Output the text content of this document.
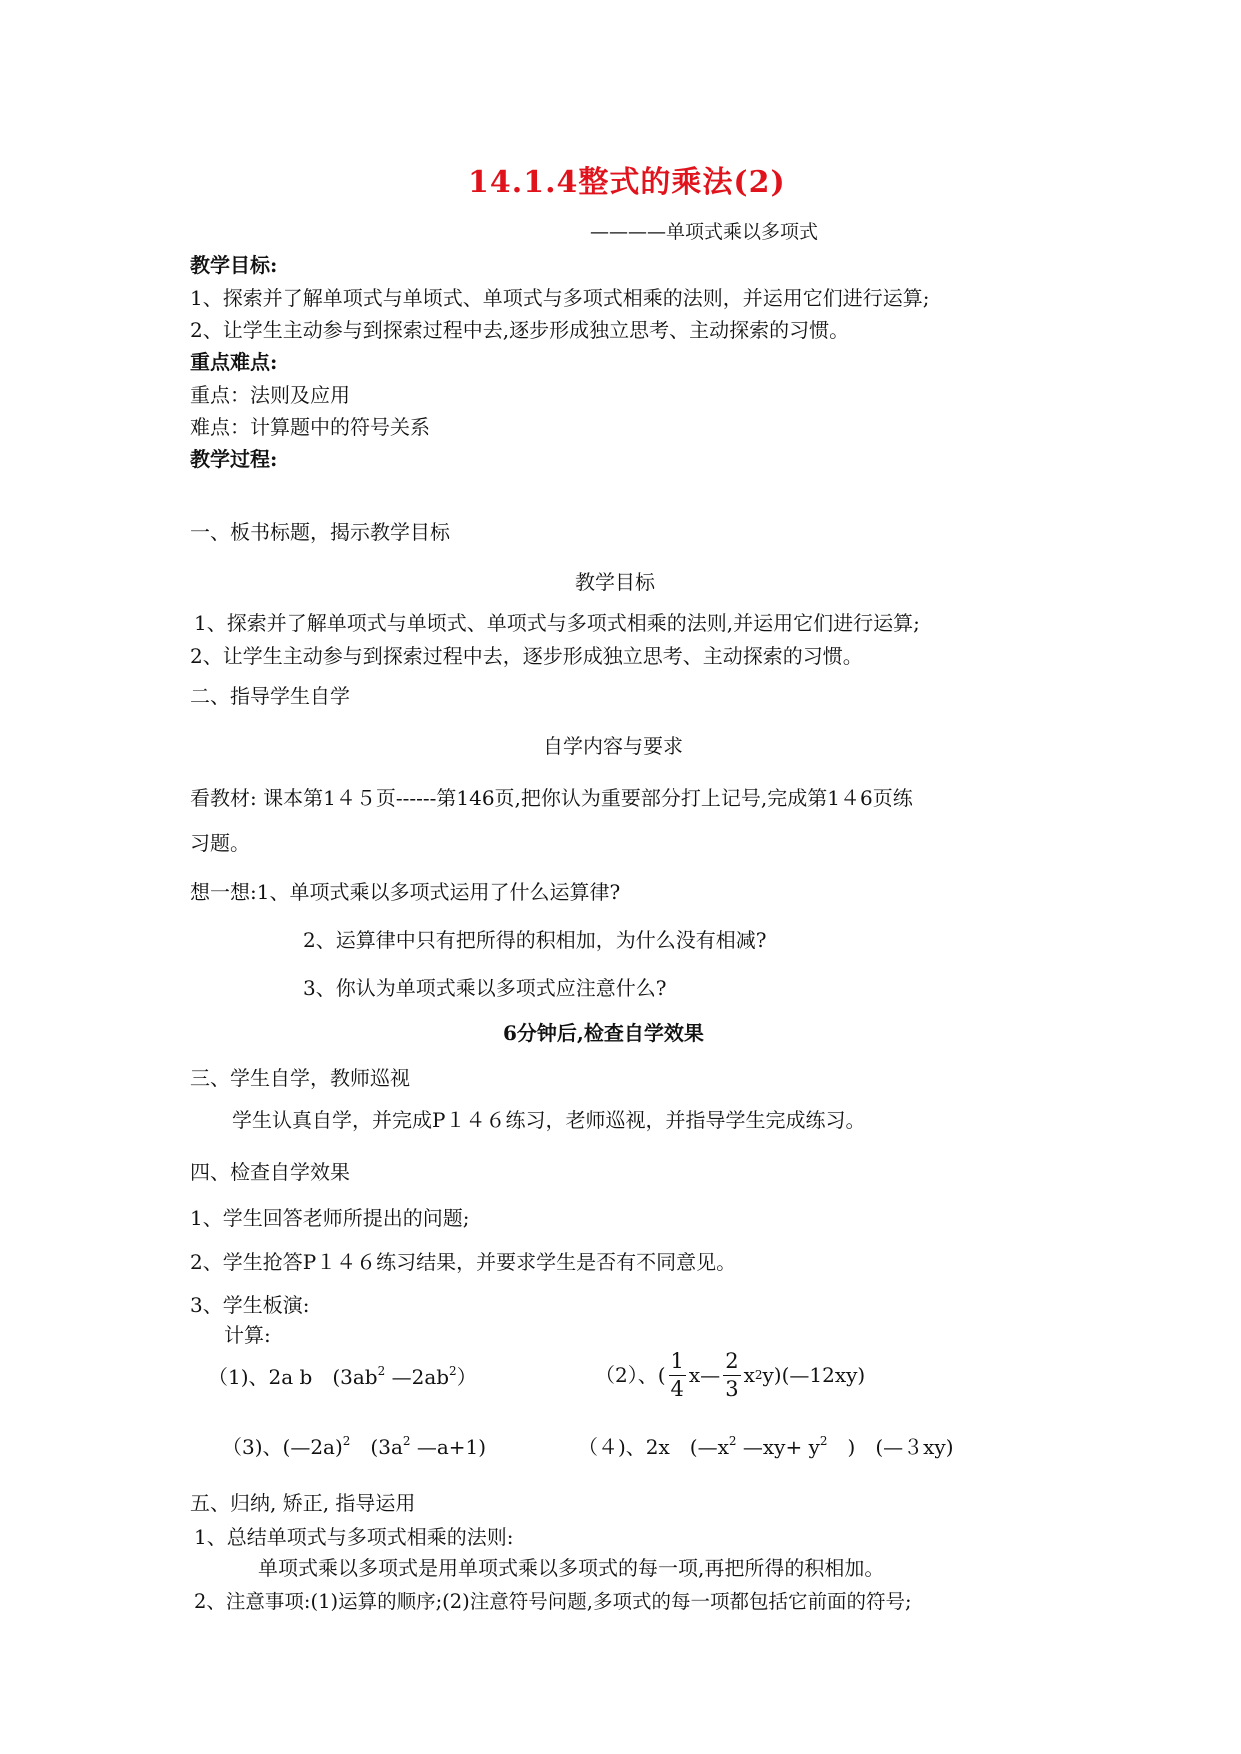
14.1.4整式的乘法(2)
————单项式乘以多项式
教学目标:
1、探索并了解单项式与单顷式、单项式与多项式相乘的法则，并运用它们进行运算;
2、让学生主动参与到探索过程中去,逐步形成独立思考、主动探索的习惯。
重点难点:
重点：法则及应用
难点：计算题中的符号关系
教学过程:
一、板书标题，揭示教学目标
教学目标
1、探索并了解单项式与单顷式、单项式与多项式相乘的法则,并运用它们进行运算;
2、让学生主动参与到探索过程中去，逐步形成独立思考、主动探索的习惯。
二、指导学生自学
自学内容与要求
看教材: 课本第1４５页------第146页,把你认为重要部分打上记号,完成第1４6页练
习题。
想一想:1、单项式乘以多项式运用了什么运算律?
2、运算律中只有把所得的积相加，为什么没有相减?
3、你认为单项式乘以多项式应注意什么?
6分钟后,检查自学效果
三、学生自学，教师巡视
学生认真自学，并完成P１４６练习，老师巡视，并指导学生完成练习。
四、检查自学效果
1、学生回答老师所提出的问题;
2、学生抢答P１４６练习结果，并要求学生是否有不同意见。
3、学生板演:
计算:
（1)、2a b　($3ab^2$ $—2ab^2$）	（2）、( $\frac{1}{4}$ x— $\frac{2}{3}$ x 2 y)(—12xy)
（3)、(—2a)$^2$　($3a^2$ —a+1)	（４)、2x　($—x^2$ —xy+ $y^2$　)　(—３xy)
五、归纳, 矫正, 指导运用
1、总结单项式与多项式相乘的法则:
单项式乘以多项式是用单项式乘以多项式的每一项,再把所得的积相加。
2、注意事项:(1)运算的顺序;(2)注意符号问题,多项式的每一项都包括它前面的符号;
